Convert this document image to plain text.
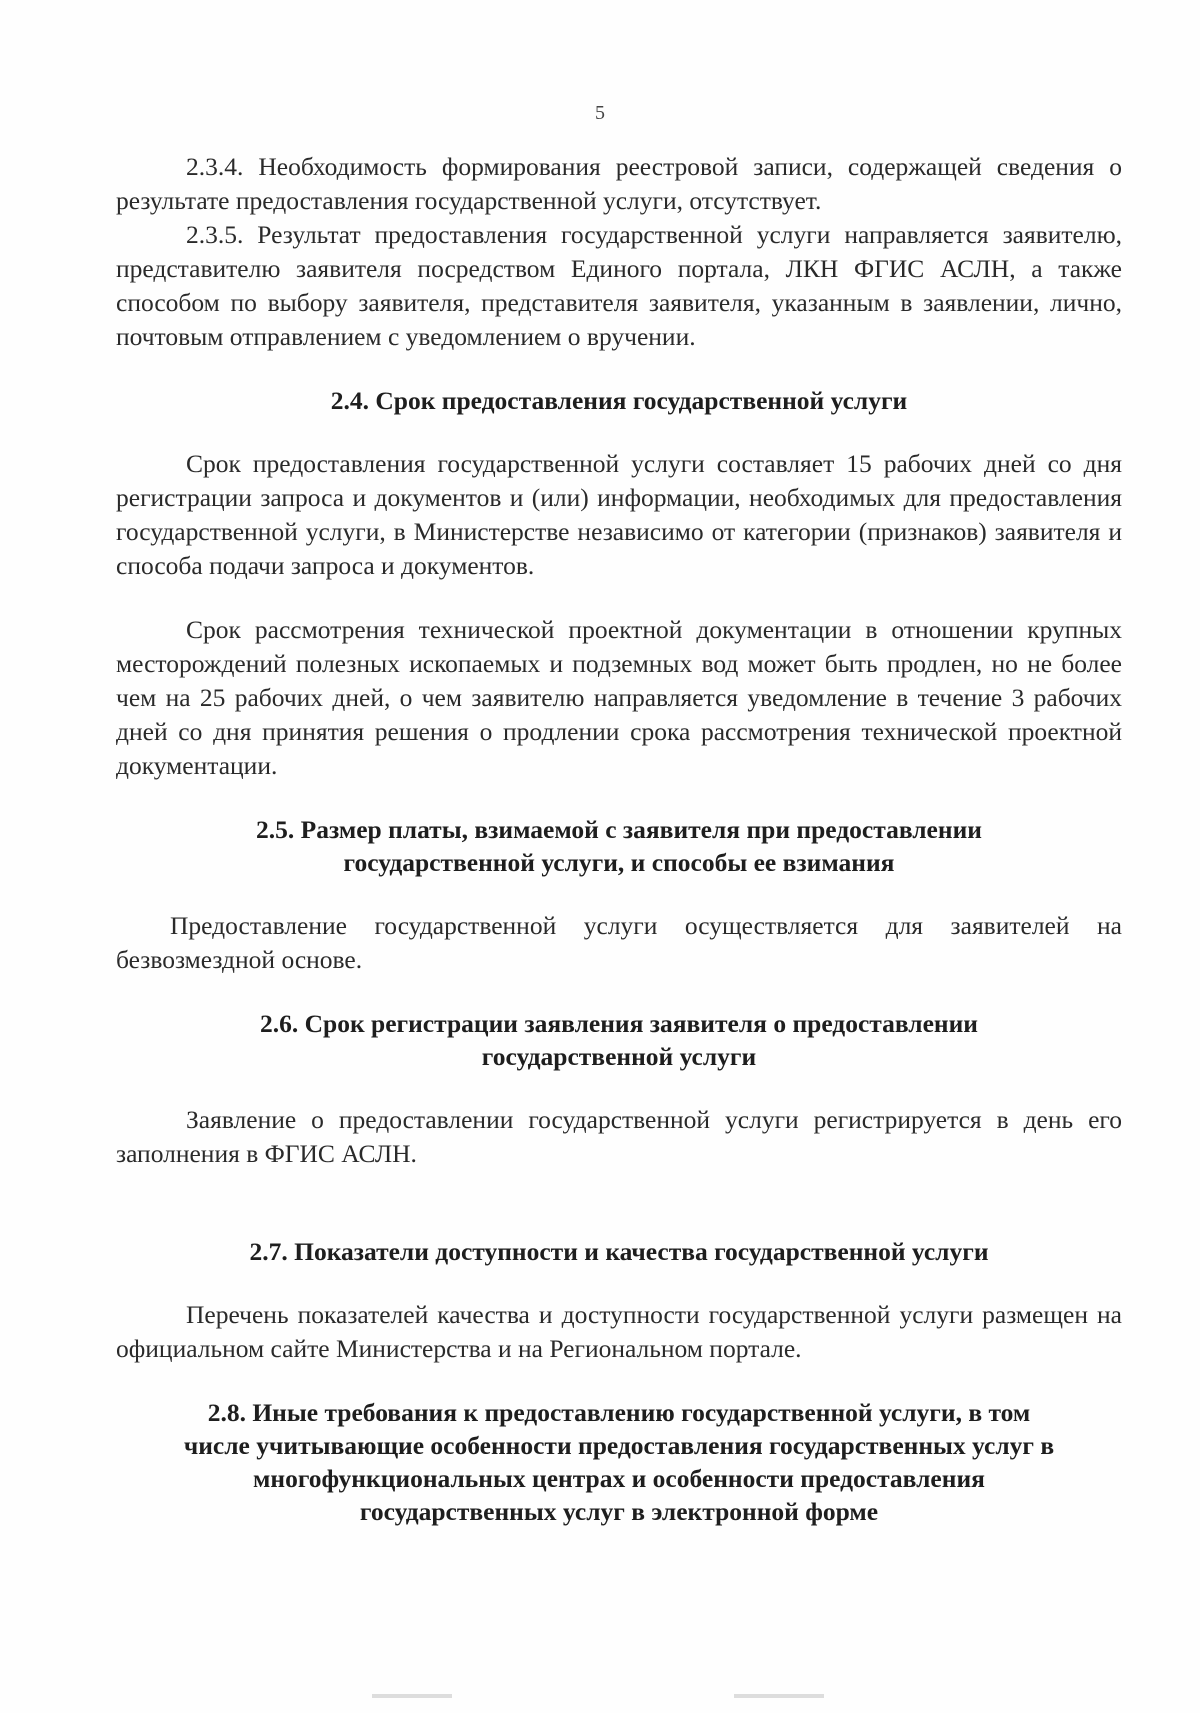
5

2.3.4. Необходимость формирования реестровой записи, содержащей сведения о результате предоставления государственной услуги, отсутствует.

2.3.5. Результат предоставления государственной услуги направляется заявителю, представителю заявителя посредством Единого портала, ЛКН ФГИС АСЛН, а также способом по выбору заявителя, представителя заявителя, указанным в заявлении, лично, почтовым отправлением с уведомлением о вручении.

2.4. Срок предоставления государственной услуги

Срок предоставления государственной услуги составляет 15 рабочих дней со дня регистрации запроса и документов и (или) информации, необходимых для предоставления государственной услуги, в Министерстве независимо от категории (признаков) заявителя и способа подачи запроса и документов.

Срок рассмотрения технической проектной документации в отношении крупных месторождений полезных ископаемых и подземных вод может быть продлен, но не более чем на 25 рабочих дней, о чем заявителю направляется уведомление в течение 3 рабочих дней со дня принятия решения о продлении срока рассмотрения технической проектной документации.

2.5. Размер платы, взимаемой с заявителя при предоставлении

государственной услуги, и способы ее взимания

Предоставление государственной услуги осуществляется для заявителей на безвозмездной основе.

2.6. Срок регистрации заявления заявителя о предоставлении

государственной услуги

Заявление о предоставлении государственной услуги регистрируется в день его заполнения в ФГИС АСЛН.

2.7. Показатели доступности и качества государственной услуги

Перечень показателей качества и доступности государственной услуги размещен на официальном сайте Министерства и на Региональном портале.

2.8. Иные требования к предоставлению государственной услуги, в том

числе учитывающие особенности предоставления государственных услуг в

многофункциональных центрах и особенности предоставления

государственных услуг в электронной форме
